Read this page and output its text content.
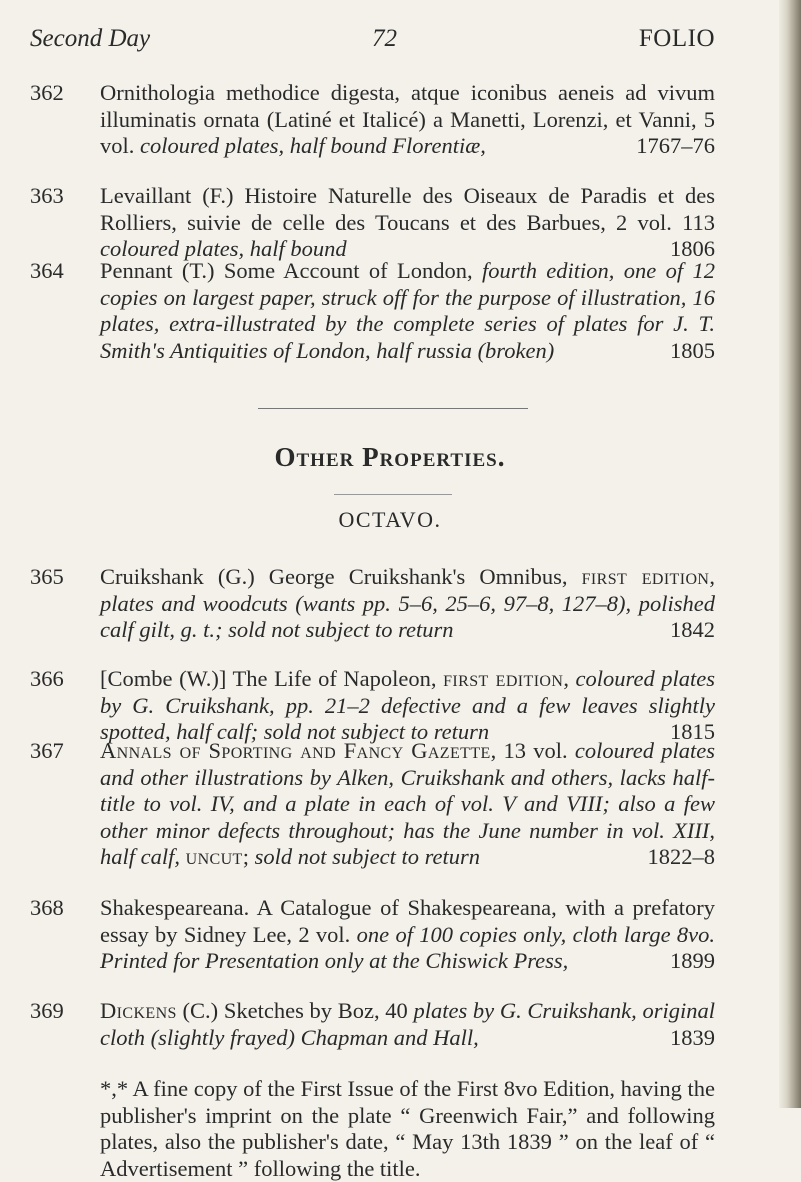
Second Day	72	FOLIO
362	Ornithologia methodice digesta, atque iconibus aeneis ad vivum illuminatis ornata (Latiné et Italicé) a Manetti, Lorenzi, et Vanni, 5 vol. coloured plates, half bound Florentiæ,	1767–76
363	Levaillant (F.) Histoire Naturelle des Oiseaux de Paradis et des Rolliers, suivie de celle des Toucans et des Barbues, 2 vol. 113 coloured plates, half bound	1806
364	Pennant (T.) Some Account of London, fourth edition, one of 12 copies on largest paper, struck off for the purpose of illustration, 16 plates, extra-illustrated by the complete series of plates for J. T. Smith's Antiquities of London, half russia (broken)	1805
Other Properties.
OCTAVO.
365	Cruikshank (G.) George Cruikshank's Omnibus, first edition, plates and woodcuts (wants pp. 5–6, 25–6, 97–8, 127–8), polished calf gilt, g. t.; sold not subject to return	1842
366	[Combe (W.)] The Life of Napoleon, first edition, coloured plates by G. Cruikshank, pp. 21–2 defective and a few leaves slightly spotted, half calf; sold not subject to return	1815
367	Annals of Sporting and Fancy Gazette, 13 vol. coloured plates and other illustrations by Alken, Cruikshank and others, lacks half-title to vol. IV, and a plate in each of vol. V and VIII; also a few other minor defects throughout; has the June number in vol. XIII, half calf, uncut; sold not subject to return	1822–8
368	Shakespeareana. A Catalogue of Shakespeareana, with a prefatory essay by Sidney Lee, 2 vol. one of 100 copies only, cloth large 8vo. Printed for Presentation only at the Chiswick Press,	1899
369	Dickens (C.) Sketches by Boz, 40 plates by G. Cruikshank, original cloth (slightly frayed) Chapman and Hall,	1839
*,* A fine copy of the First Issue of the First 8vo Edition, having the publisher's imprint on the plate “ Greenwich Fair,” and following plates, also the publisher's date, “ May 13th 1839 ” on the leaf of “ Advertisement ” following the title.
